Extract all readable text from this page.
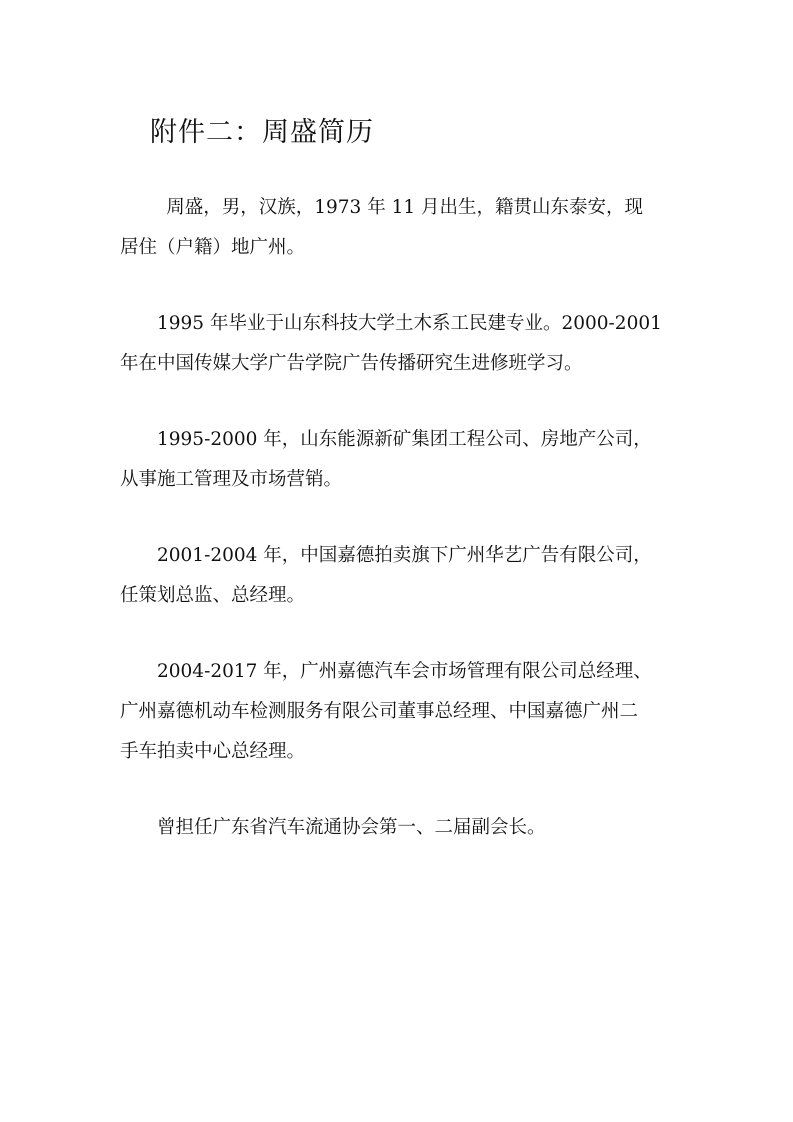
附件二：周盛简历

周盛，男，汉族，1973 年 11 月出生，籍贯山东泰安，现
居住（户籍）地广州。

1995 年毕业于山东科技大学土木系工民建专业。2000-2001
年在中国传媒大学广告学院广告传播研究生进修班学习。

1995-2000 年，山东能源新矿集团工程公司、房地产公司，
从事施工管理及市场营销。

2001-2004 年，中国嘉德拍卖旗下广州华艺广告有限公司，
任策划总监、总经理。

2004-2017 年，广州嘉德汽车会市场管理有限公司总经理、
广州嘉德机动车检测服务有限公司董事总经理、中国嘉德广州二
手车拍卖中心总经理。

曾担任广东省汽车流通协会第一、二届副会长。
